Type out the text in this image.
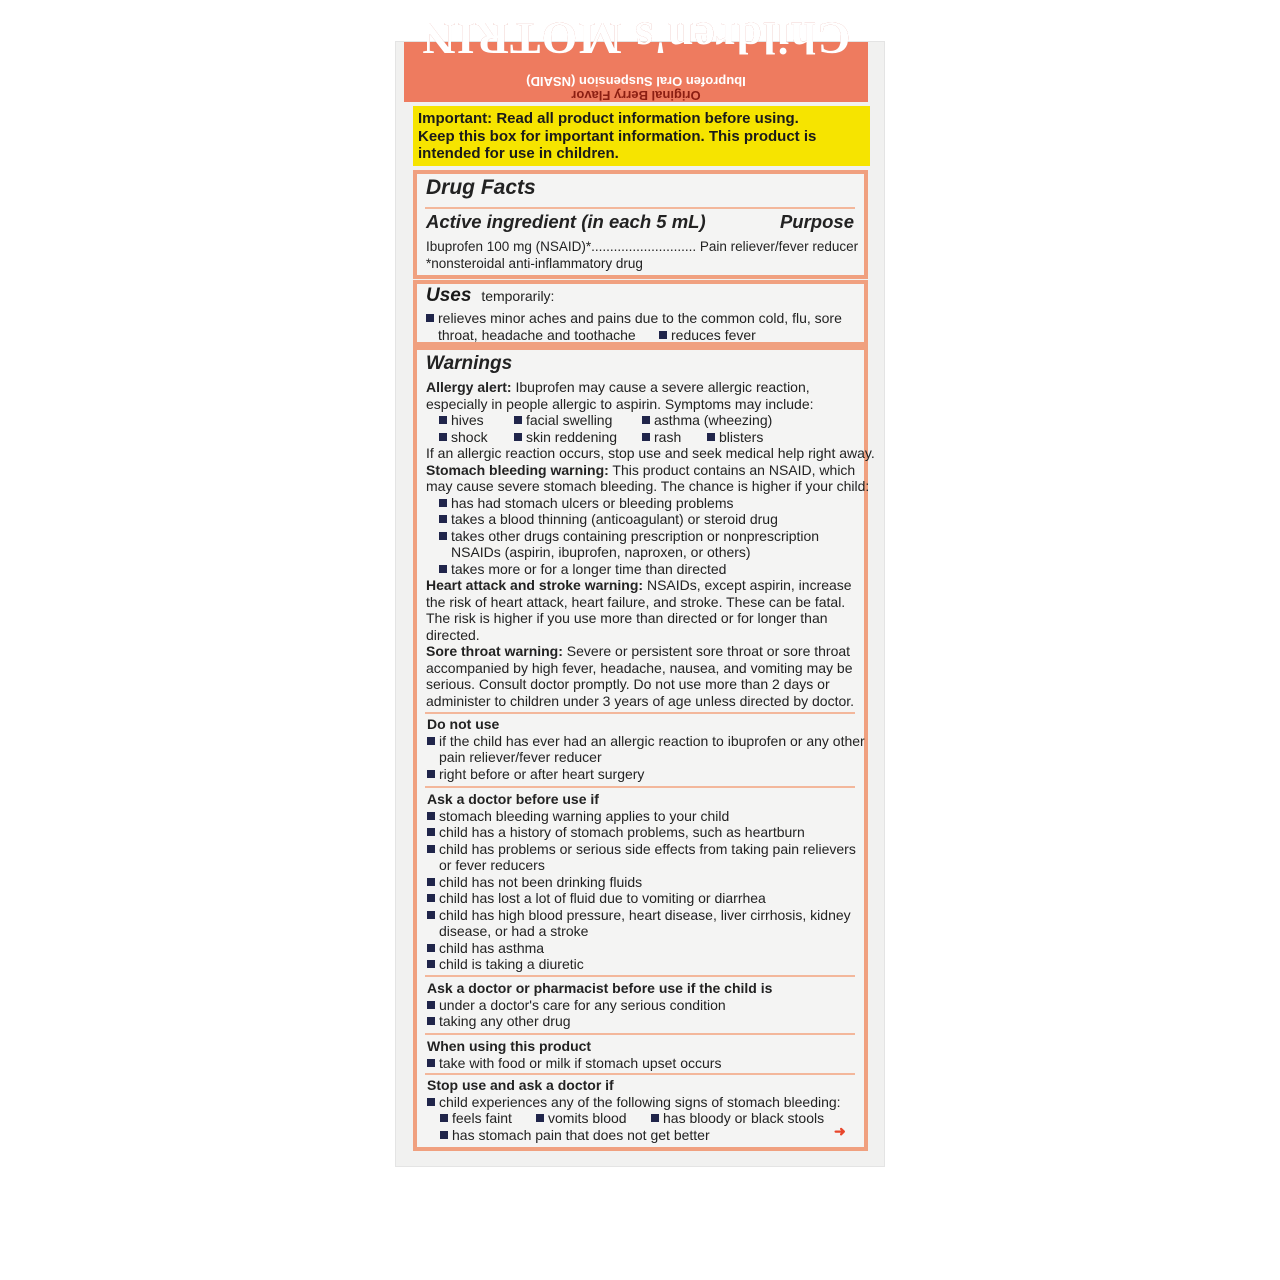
Original Berry Flavor
Ibuprofen Oral Suspension (NSAID)
Children's MOTRIN
Important: Read all product information before using.
Keep this box for important information. This product is
intended for use in children.
Drug Facts
Active ingredient (in each 5 mL)	Purpose
Ibuprofen 100 mg (NSAID)*............................ Pain reliever/fever reducer
*nonsteroidal anti-inflammatory drug
Uses temporarily:
relieves minor aches and pains due to the common cold, flu, sore
throat, headache and toothache	reduces fever
Warnings
Allergy alert: Ibuprofen may cause a severe allergic reaction,
especially in people allergic to aspirin. Symptoms may include:
hives	facial swelling	asthma (wheezing)
shock	skin reddening	rash	blisters
If an allergic reaction occurs, stop use and seek medical help right away.
Stomach bleeding warning: This product contains an NSAID, which
may cause severe stomach bleeding. The chance is higher if your child:
has had stomach ulcers or bleeding problems
takes a blood thinning (anticoagulant) or steroid drug
takes other drugs containing prescription or nonprescription
NSAIDs (aspirin, ibuprofen, naproxen, or others)
takes more or for a longer time than directed
Heart attack and stroke warning: NSAIDs, except aspirin, increase
the risk of heart attack, heart failure, and stroke. These can be fatal.
The risk is higher if you use more than directed or for longer than
directed.
Sore throat warning: Severe or persistent sore throat or sore throat
accompanied by high fever, headache, nausea, and vomiting may be
serious. Consult doctor promptly. Do not use more than 2 days or
administer to children under 3 years of age unless directed by doctor.
Do not use
if the child has ever had an allergic reaction to ibuprofen or any other
pain reliever/fever reducer
right before or after heart surgery
Ask a doctor before use if
stomach bleeding warning applies to your child
child has a history of stomach problems, such as heartburn
child has problems or serious side effects from taking pain relievers
or fever reducers
child has not been drinking fluids
child has lost a lot of fluid due to vomiting or diarrhea
child has high blood pressure, heart disease, liver cirrhosis, kidney
disease, or had a stroke
child has asthma
child is taking a diuretic
Ask a doctor or pharmacist before use if the child is
under a doctor's care for any serious condition
taking any other drug
When using this product
take with food or milk if stomach upset occurs
Stop use and ask a doctor if
child experiences any of the following signs of stomach bleeding:
feels faint	vomits blood	has bloody or black stools
has stomach pain that does not get better	➜
